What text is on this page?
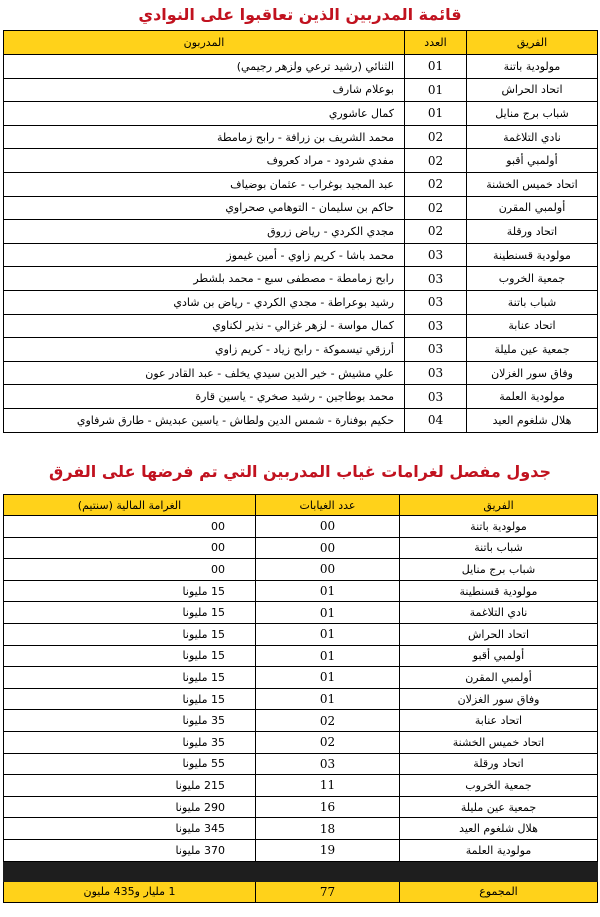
قائمة المدربين الذين تعاقبوا على النوادي
الفريق	العدد	المدربون
مولودية باتنة	01	الثنائي (رشيد ترعي ولزهر رجيمي)
اتحاد الحراش	01	بوعلام شارف
شباب برج منايل	01	كمال عاشوري
نادي التلاغمة	02	محمد الشريف بن زرافة - رابح زمامطة
أولمبي أقبو	02	مفدي شردود - مراد كعروف
اتحاد خميس الخشنة	02	عبد المجيد بوغراب - عثمان بوضياف
أولمبي المقرن	02	حاكم بن سليمان - التوهامي صحراوي
اتحاد ورقلة	02	مجدي الكردي - رياض زروق
مولودية قسنطينة	03	محمد باشا - كريم زاوي - أمين غيموز
جمعية الخروب	03	رابح زمامطة - مصطفى سبع - محمد بلشطر
شباب باتنة	03	رشيد بوعراطة - مجدي الكردي - رياض بن شادي
اتحاد عنابة	03	كمال مواسة - لزهر غزالي - نذير لكناوي
جمعية عين مليلة	03	أرزقي تيسموكة - رابح زياد - كريم زاوي
وفاق سور الغزلان	03	علي مشيش - خير الدين سيدي يخلف - عبد القادر عون
مولودية العلمة	03	محمد بوطاجين - رشيد صخري - ياسين قارة
هلال شلغوم العيد	04	حكيم بوفنارة - شمس الدين ولطاش - ياسين عبديش - طارق شرفاوي
جدول مفصل لغرامات غياب المدربين التي تم فرضها على الفرق
الفريق	عدد الغيابات	الغرامة المالية (سنتيم)
مولودية باتنة	00	00
شباب باتنة	00	00
شباب برج منايل	00	00
مولودية قسنطينة	01	15 مليونا
نادي التلاغمة	01	15 مليونا
اتحاد الحراش	01	15 مليونا
أولمبي أقبو	01	15 مليونا
أولمبي المقرن	01	15 مليونا
وفاق سور الغزلان	01	15 مليونا
اتحاد عنابة	02	35 مليونا
اتحاد خميس الخشنة	02	35 مليونا
اتحاد ورقلة	03	55 مليونا
جمعية الخروب	11	215 مليونا
جمعية عين مليلة	16	290 مليونا
هلال شلغوم العيد	18	345 مليونا
مولودية العلمة	19	370 مليونا

المجموع	77	1 مليار و435 مليون
